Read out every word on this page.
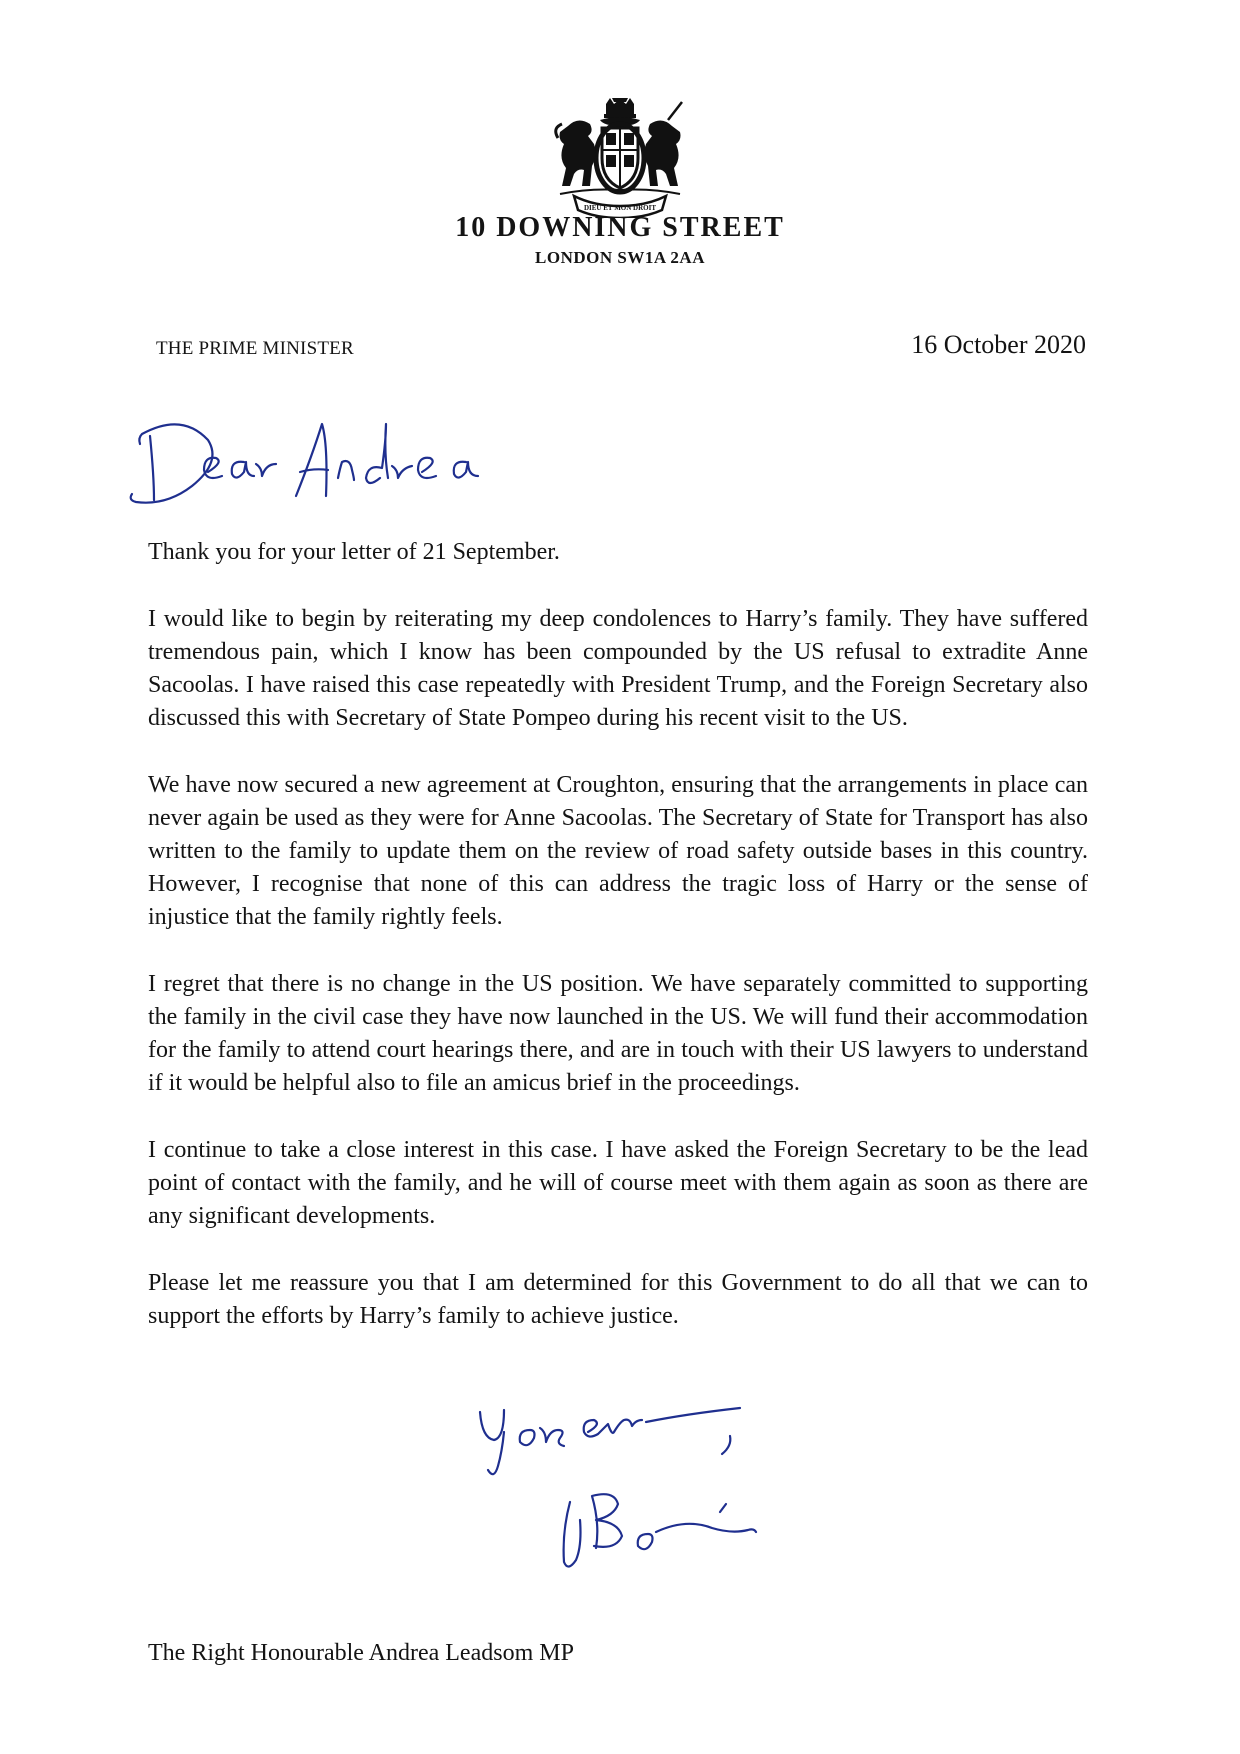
DIEU ET MON DROIT
10 DOWNING STREET
LONDON SW1A 2AA
THE PRIME MINISTER	16 October 2020

Thank you for your letter of 21 September.

I would like to begin by reiterating my deep condolences to Harry’s family. They have suffered tremendous pain, which I know has been compounded by the US refusal to extradite Anne Sacoolas. I have raised this case repeatedly with President Trump, and the Foreign Secretary also discussed this with Secretary of State Pompeo during his recent visit to the US.

We have now secured a new agreement at Croughton, ensuring that the arrangements in place can never again be used as they were for Anne Sacoolas. The Secretary of State for Transport has also written to the family to update them on the review of road safety outside bases in this country. However, I recognise that none of this can address the tragic loss of Harry or the sense of injustice that the family rightly feels.

I regret that there is no change in the US position. We have separately committed to supporting the family in the civil case they have now launched in the US. We will fund their accommodation for the family to attend court hearings there, and are in touch with their US lawyers to understand if it would be helpful also to file an amicus brief in the proceedings.

I continue to take a close interest in this case. I have asked the Foreign Secretary to be the lead point of contact with the family, and he will of course meet with them again as soon as there are any significant developments.

Please let me reassure you that I am determined for this Government to do all that we can to support the efforts by Harry’s family to achieve justice.

The Right Honourable Andrea Leadsom MP
